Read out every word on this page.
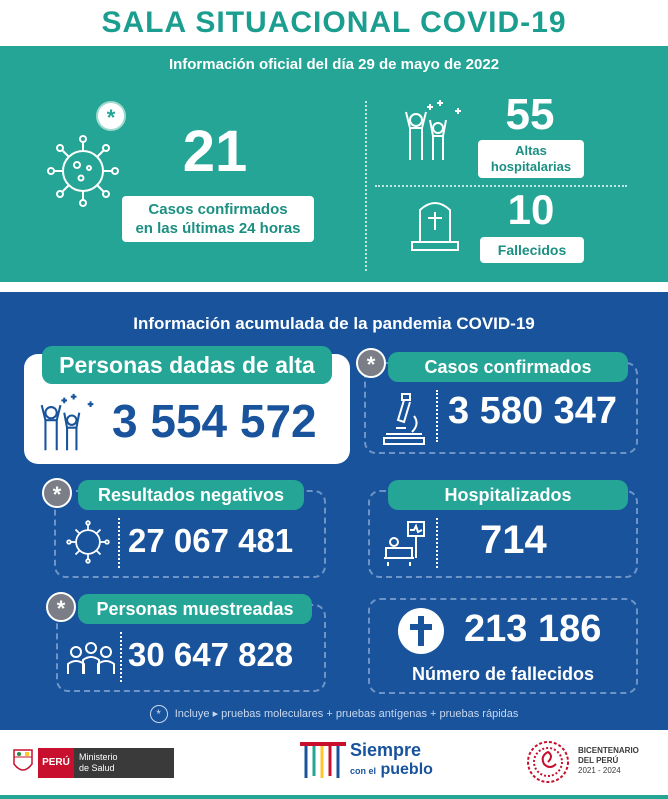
SALA SITUACIONAL COVID-19
Información oficial del día 29 de mayo de 2022
*
21
Casos confirmados
en las últimas 24 horas
55
Altas
hospitalarias
10
Fallecidos
Información acumulada de la pandemia COVID-19
Personas dadas de alta
3 554 572
Casos confirmados
3 580 347
*
Resultados negativos
27 067 481
*	Hospitalizados
714
Personas muestreadas
30 647 828
*	213 186
Número de fallecidos
* Incluye ▸ pruebas moleculares + pruebas antígenas + pruebas rápidas
PERÚ	Ministerio
de Salud
Siempre
con el pueblo
BICENTENARIO
DEL PERÚ
2021 - 2024
